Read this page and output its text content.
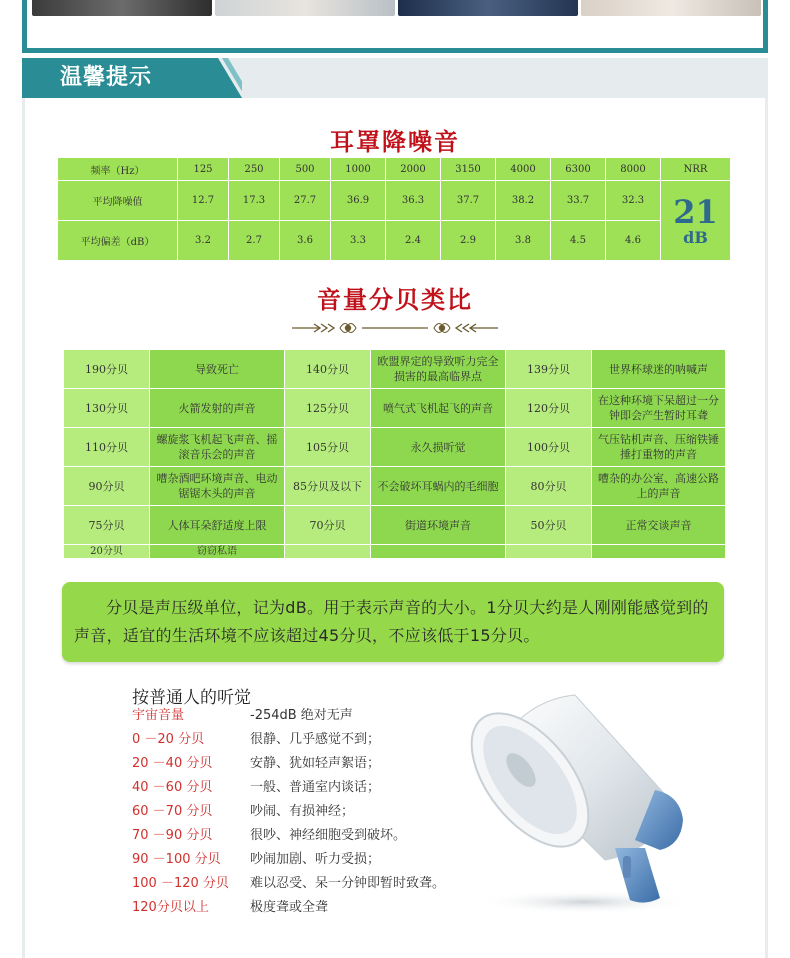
温馨提示
耳罩降噪音
频率（Hz）	125	250	500	1000	2000	3150	4000	6300	8000	NRR
平均降噪值	12.7	17.3	27.7	36.9	36.3	37.7	38.2	33.7	32.3	21
dB

平均偏差（dB）	3.2	2.7	3.6	3.3	2.4	2.9	3.8	4.5	4.6	
音量分贝类比
190分贝	导致死亡	140分贝	欧盟界定的导致听力完全损害的最高临界点	139分贝	世界杯球迷的呐喊声
130分贝	火箭发射的声音	125分贝	喷气式飞机起飞的声音	120分贝	在这种环境下呆超过一分钟即会产生暂时耳聋
110分贝	螺旋浆飞机起飞声音、摇滚音乐会的声音	105分贝	永久损听觉	100分贝	气压钻机声音、压缩铁锤捶打重物的声音
90分贝	嘈杂酒吧环境声音、电动锯锯木头的声音	85分贝及以下	不会破坏耳蜗内的毛细胞	80分贝	嘈杂的办公室、高速公路上的声音
75分贝	人体耳朵舒适度上限	70分贝	街道环境声音	50分贝	正常交谈声音
20分贝	窃窃私语				
分贝是声压级单位，记为dB。用于表示声音的大小。1分贝大约是人刚刚能感觉到的声音，适宜的生活环境不应该超过45分贝，不应该低于15分贝。
按普通人的听觉
宇宙音量	-254dB 绝对无声
0 －20 分贝	很静、几乎感觉不到；
20 －40 分贝	安静、犹如轻声絮语；
40 －60 分贝	一般、普通室内谈话；
60 －70 分贝	吵闹、有损神经；
70 －90 分贝	很吵、神经细胞受到破坏。
90 －100 分贝 吵闹加剧、听力受损；
100 －120 分贝 难以忍受、呆一分钟即暂时致聋。
120分贝以上	极度聋或全聋
